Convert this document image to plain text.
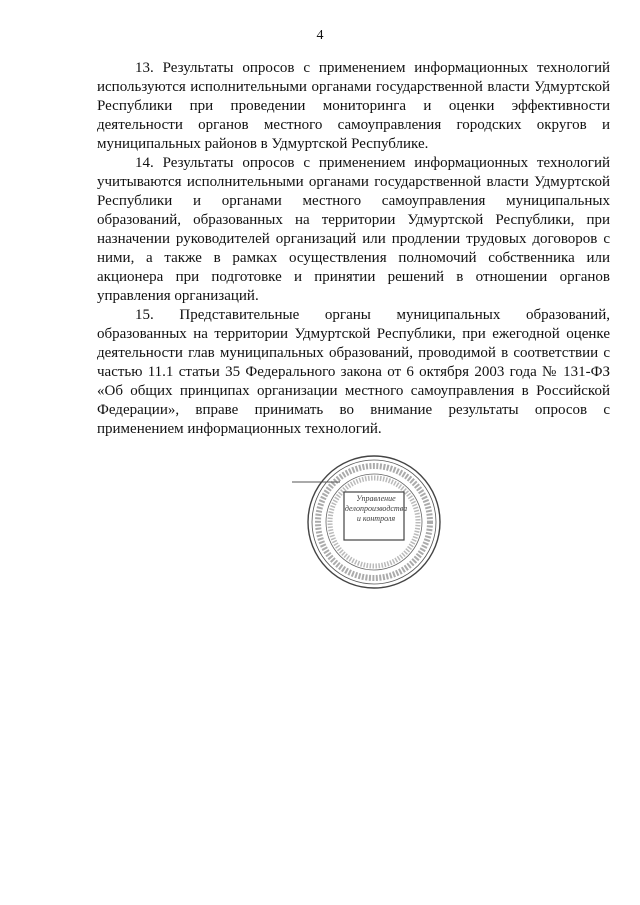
4

13. Результаты опросов с применением информационных технологий используются исполнительными органами государственной власти Удмуртской Республики при проведении мониторинга и оценки эффективности деятельности органов местного самоуправления городских округов и муниципальных районов в Удмуртской Республике.

14. Результаты опросов с применением информационных технологий учитываются исполнительными органами государственной власти Удмуртской Республики и органами местного самоуправления муниципальных образований, образованных на территории Удмуртской Республики, при назначении руководителей организаций или продлении трудовых договоров с ними, а также в рамках осуществления полномочий собственника или акционера при подготовке и принятии решений в отношении органов управления организаций.

15. Представительные органы муниципальных образований, образованных на территории Удмуртской Республики, при ежегодной оценке деятельности глав муниципальных образований, проводимой в соответствии с частью 11.1 статьи 35 Федерального закона от 6 октября 2003 года № 131-ФЗ «Об общих принципах организации местного самоуправления в Российской Федерации», вправе принимать во внимание результаты опросов с применением информационных технологий.

Управление
делопроизводства
и контроля
